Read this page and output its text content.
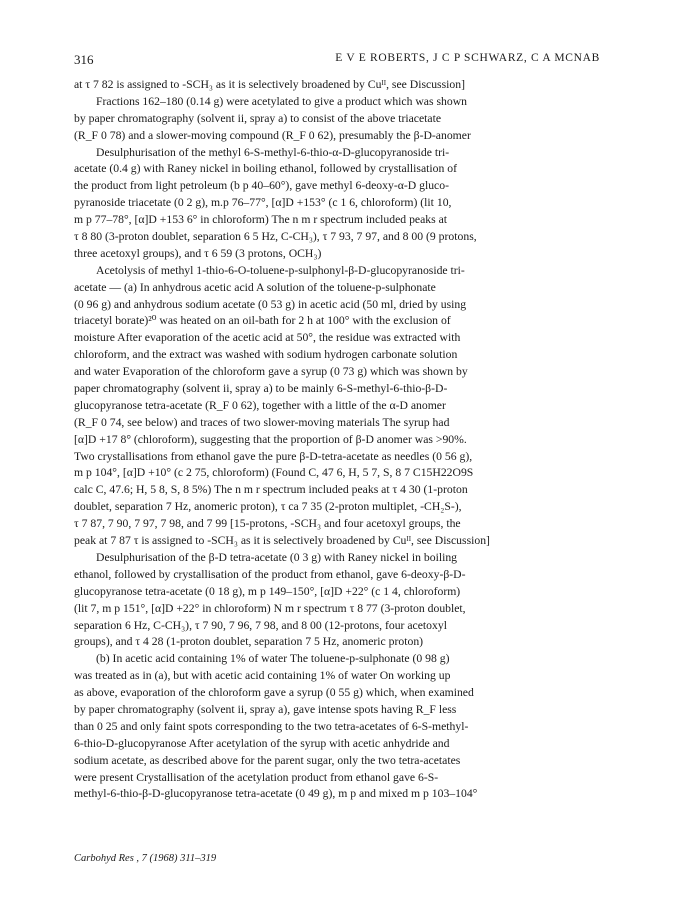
316	E V E ROBERTS, J C P SCHWARZ, C A MCNAB
at τ 7 82 is assigned to -SCH₃ as it is selectively broadened by Cuᴵᴵ, see Discussion]
Fractions 162–180 (0.14 g) were acetylated to give a product which was shown
by paper chromatography (solvent ii, spray a) to consist of the above triacetate
(R_F 0 78) and a slower-moving compound (R_F 0 62), presumably the β-D-anomer
Desulphurisation of the methyl 6-S-methyl-6-thio-α-D-glucopyranoside tri-
acetate (0.4 g) with Raney nickel in boiling ethanol, followed by crystallisation of
the product from light petroleum (b p 40–60°), gave methyl 6-deoxy-α-D gluco-
pyranoside triacetate (0 2 g), m.p 76–77°, [α]D +153° (c 1 6, chloroform) (lit 10,
m p 77–78°, [α]D +153 6° in chloroform) The n m r spectrum included peaks at
τ 8 80 (3-proton doublet, separation 6 5 Hz, C-CH₃), τ 7 93, 7 97, and 8 00 (9 protons,
three acetoxyl groups), and τ 6 59 (3 protons, OCH₃)
Acetolysis of methyl 1-thio-6-O-toluene-p-sulphonyl-β-D-glucopyranoside tri-
acetate — (a) In anhydrous acetic acid A solution of the toluene-p-sulphonate
(0 96 g) and anhydrous sodium acetate (0 53 g) in acetic acid (50 ml, dried by using
triacetyl borate)²⁰ was heated on an oil-bath for 2 h at 100° with the exclusion of
moisture After evaporation of the acetic acid at 50°, the residue was extracted with
chloroform, and the extract was washed with sodium hydrogen carbonate solution
and water Evaporation of the chloroform gave a syrup (0 73 g) which was shown by
paper chromatography (solvent ii, spray a) to be mainly 6-S-methyl-6-thio-β-D-
glucopyranose tetra-acetate (R_F 0 62), together with a little of the α-D anomer
(R_F 0 74, see below) and traces of two slower-moving materials The syrup had
[α]D +17 8° (chloroform), suggesting that the proportion of β-D anomer was >90%.
Two crystallisations from ethanol gave the pure β-D-tetra-acetate as needles (0 56 g),
m p 104°, [α]D +10° (c 2 75, chloroform) (Found C, 47 6, H, 5 7, S, 8 7 C15H22O9S
calc C, 47.6; H, 5 8, S, 8 5%) The n m r spectrum included peaks at τ 4 30 (1-proton
doublet, separation 7 Hz, anomeric proton), τ ca 7 35 (2-proton multiplet, -CH₂S-),
τ 7 87, 7 90, 7 97, 7 98, and 7 99 [15-protons, -SCH₃ and four acetoxyl groups, the
peak at 7 87 τ is assigned to -SCH₃ as it is selectively broadened by Cuᴵᴵ, see Discussion]
Desulphurisation of the β-D tetra-acetate (0 3 g) with Raney nickel in boiling
ethanol, followed by crystallisation of the product from ethanol, gave 6-deoxy-β-D-
glucopyranose tetra-acetate (0 18 g), m p 149–150°, [α]D +22° (c 1 4, chloroform)
(lit 7, m p 151°, [α]D +22° in chloroform) N m r spectrum τ 8 77 (3-proton doublet,
separation 6 Hz, C-CH₃), τ 7 90, 7 96, 7 98, and 8 00 (12-protons, four acetoxyl
groups), and τ 4 28 (1-proton doublet, separation 7 5 Hz, anomeric proton)
(b) In acetic acid containing 1% of water The toluene-p-sulphonate (0 98 g)
was treated as in (a), but with acetic acid containing 1% of water On working up
as above, evaporation of the chloroform gave a syrup (0 55 g) which, when examined
by paper chromatography (solvent ii, spray a), gave intense spots having R_F less
than 0 25 and only faint spots corresponding to the two tetra-acetates of 6-S-methyl-
6-thio-D-glucopyranose After acetylation of the syrup with acetic anhydride and
sodium acetate, as described above for the parent sugar, only the two tetra-acetates
were present Crystallisation of the acetylation product from ethanol gave 6-S-
methyl-6-thio-β-D-glucopyranose tetra-acetate (0 49 g), m p and mixed m p 103–104°
Carbohyd Res , 7 (1968) 311–319
